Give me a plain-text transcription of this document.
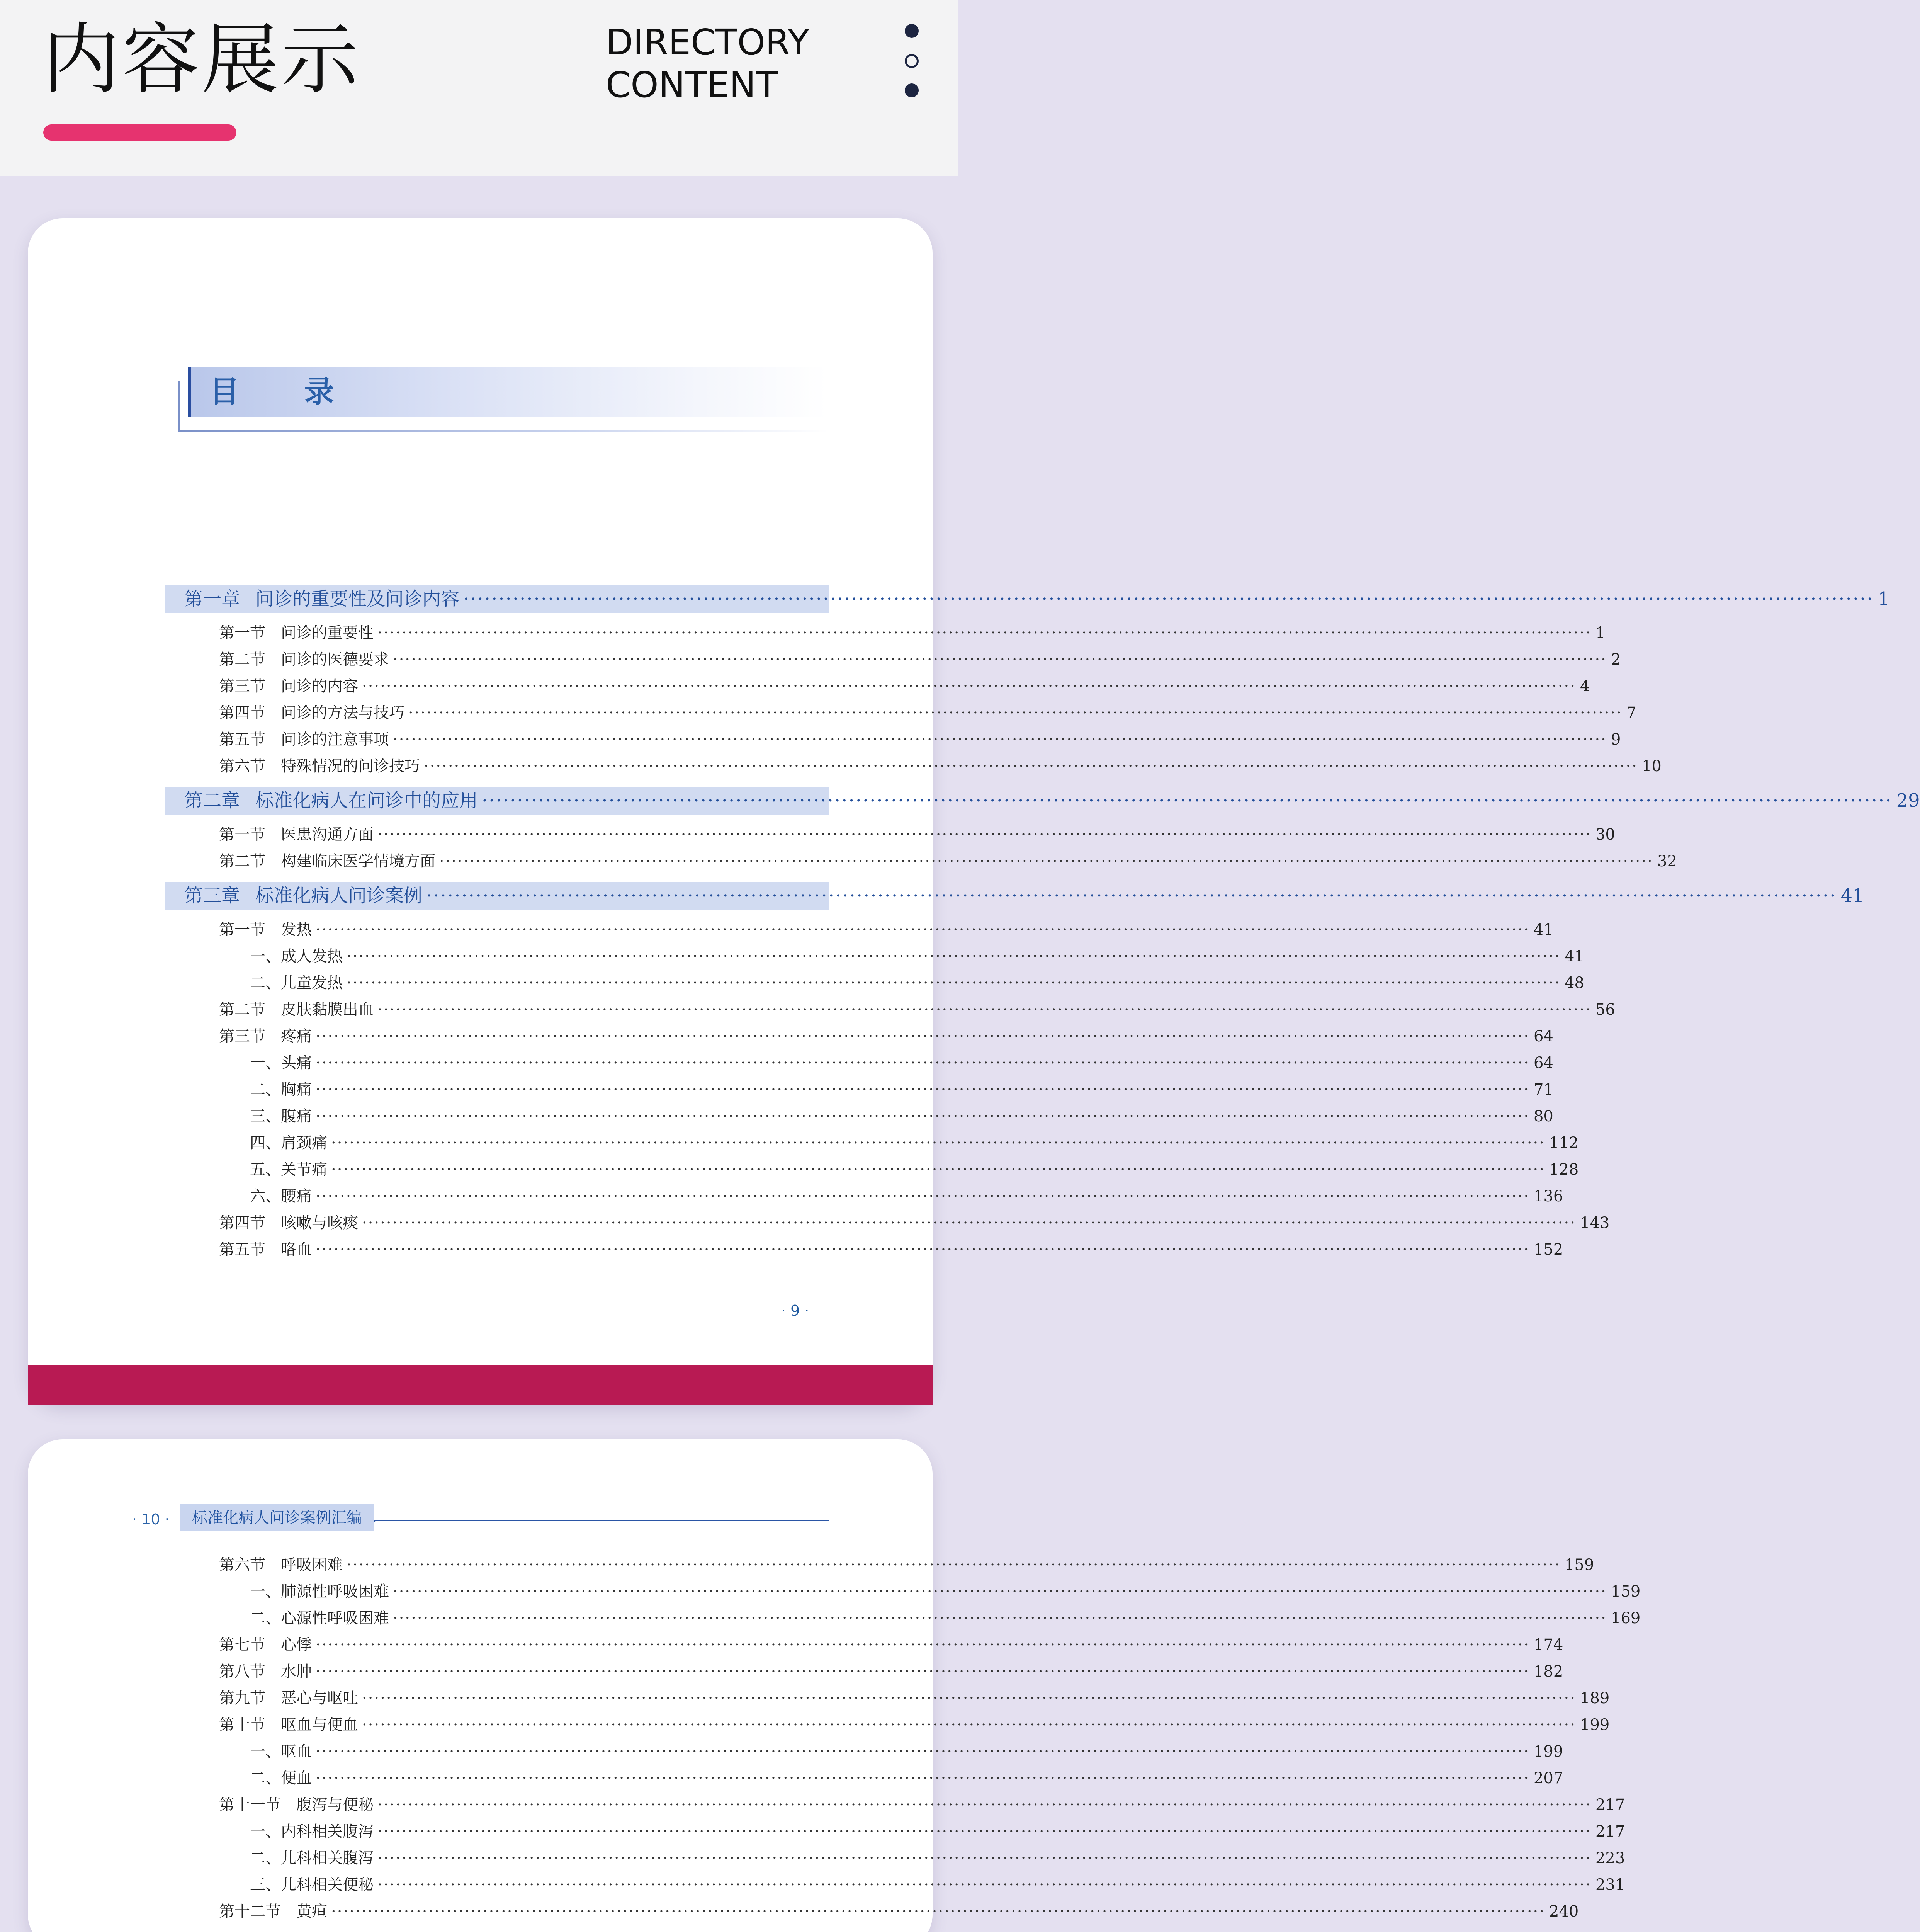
内容展示	DIRECTORY
CONTENT
目 录
第一章 问诊的重要性及问诊内容 ········································································································································································································ 1
第一节 问诊的重要性 ········································································································································································································ 1
第二节 问诊的医德要求 ········································································································································································································ 2
第三节 问诊的内容 ········································································································································································································ 4
第四节 问诊的方法与技巧 ········································································································································································································ 7
第五节 问诊的注意事项 ········································································································································································································ 9
第六节 特殊情况的问诊技巧 ········································································································································································································ 10
第二章 标准化病人在问诊中的应用 ········································································································································································································ 29
第一节 医患沟通方面 ········································································································································································································ 30
第二节 构建临床医学情境方面 ········································································································································································································ 32
第三章 标准化病人问诊案例 ········································································································································································································ 41
第一节 发热 ········································································································································································································ 41
一、成人发热 ········································································································································································································ 41
二、儿童发热 ········································································································································································································ 48
第二节 皮肤黏膜出血 ········································································································································································································ 56
第三节 疼痛 ········································································································································································································ 64
一、头痛 ········································································································································································································ 64
二、胸痛 ········································································································································································································ 71
三、腹痛 ········································································································································································································ 80
四、肩颈痛 ········································································································································································································ 112
五、关节痛 ········································································································································································································ 128
六、腰痛 ········································································································································································································ 136
第四节 咳嗽与咳痰 ········································································································································································································ 143
第五节 咯血 ········································································································································································································ 152
· 9 ·
· 10 ·	标准化病人问诊案例汇编
第六节 呼吸困难 ········································································································································································································ 159
一、肺源性呼吸困难 ········································································································································································································ 159
二、心源性呼吸困难 ········································································································································································································ 169
第七节 心悸 ········································································································································································································ 174
第八节 水肿 ········································································································································································································ 182
第九节 恶心与呕吐 ········································································································································································································ 189
第十节 呕血与便血 ········································································································································································································ 199
一、呕血 ········································································································································································································ 199
二、便血 ········································································································································································································ 207
第十一节 腹泻与便秘 ········································································································································································································ 217
一、内科相关腹泻 ········································································································································································································ 217
二、儿科相关腹泻 ········································································································································································································ 223
三、儿科相关便秘 ········································································································································································································ 231
第十二节 黄疸 ········································································································································································································ 240
